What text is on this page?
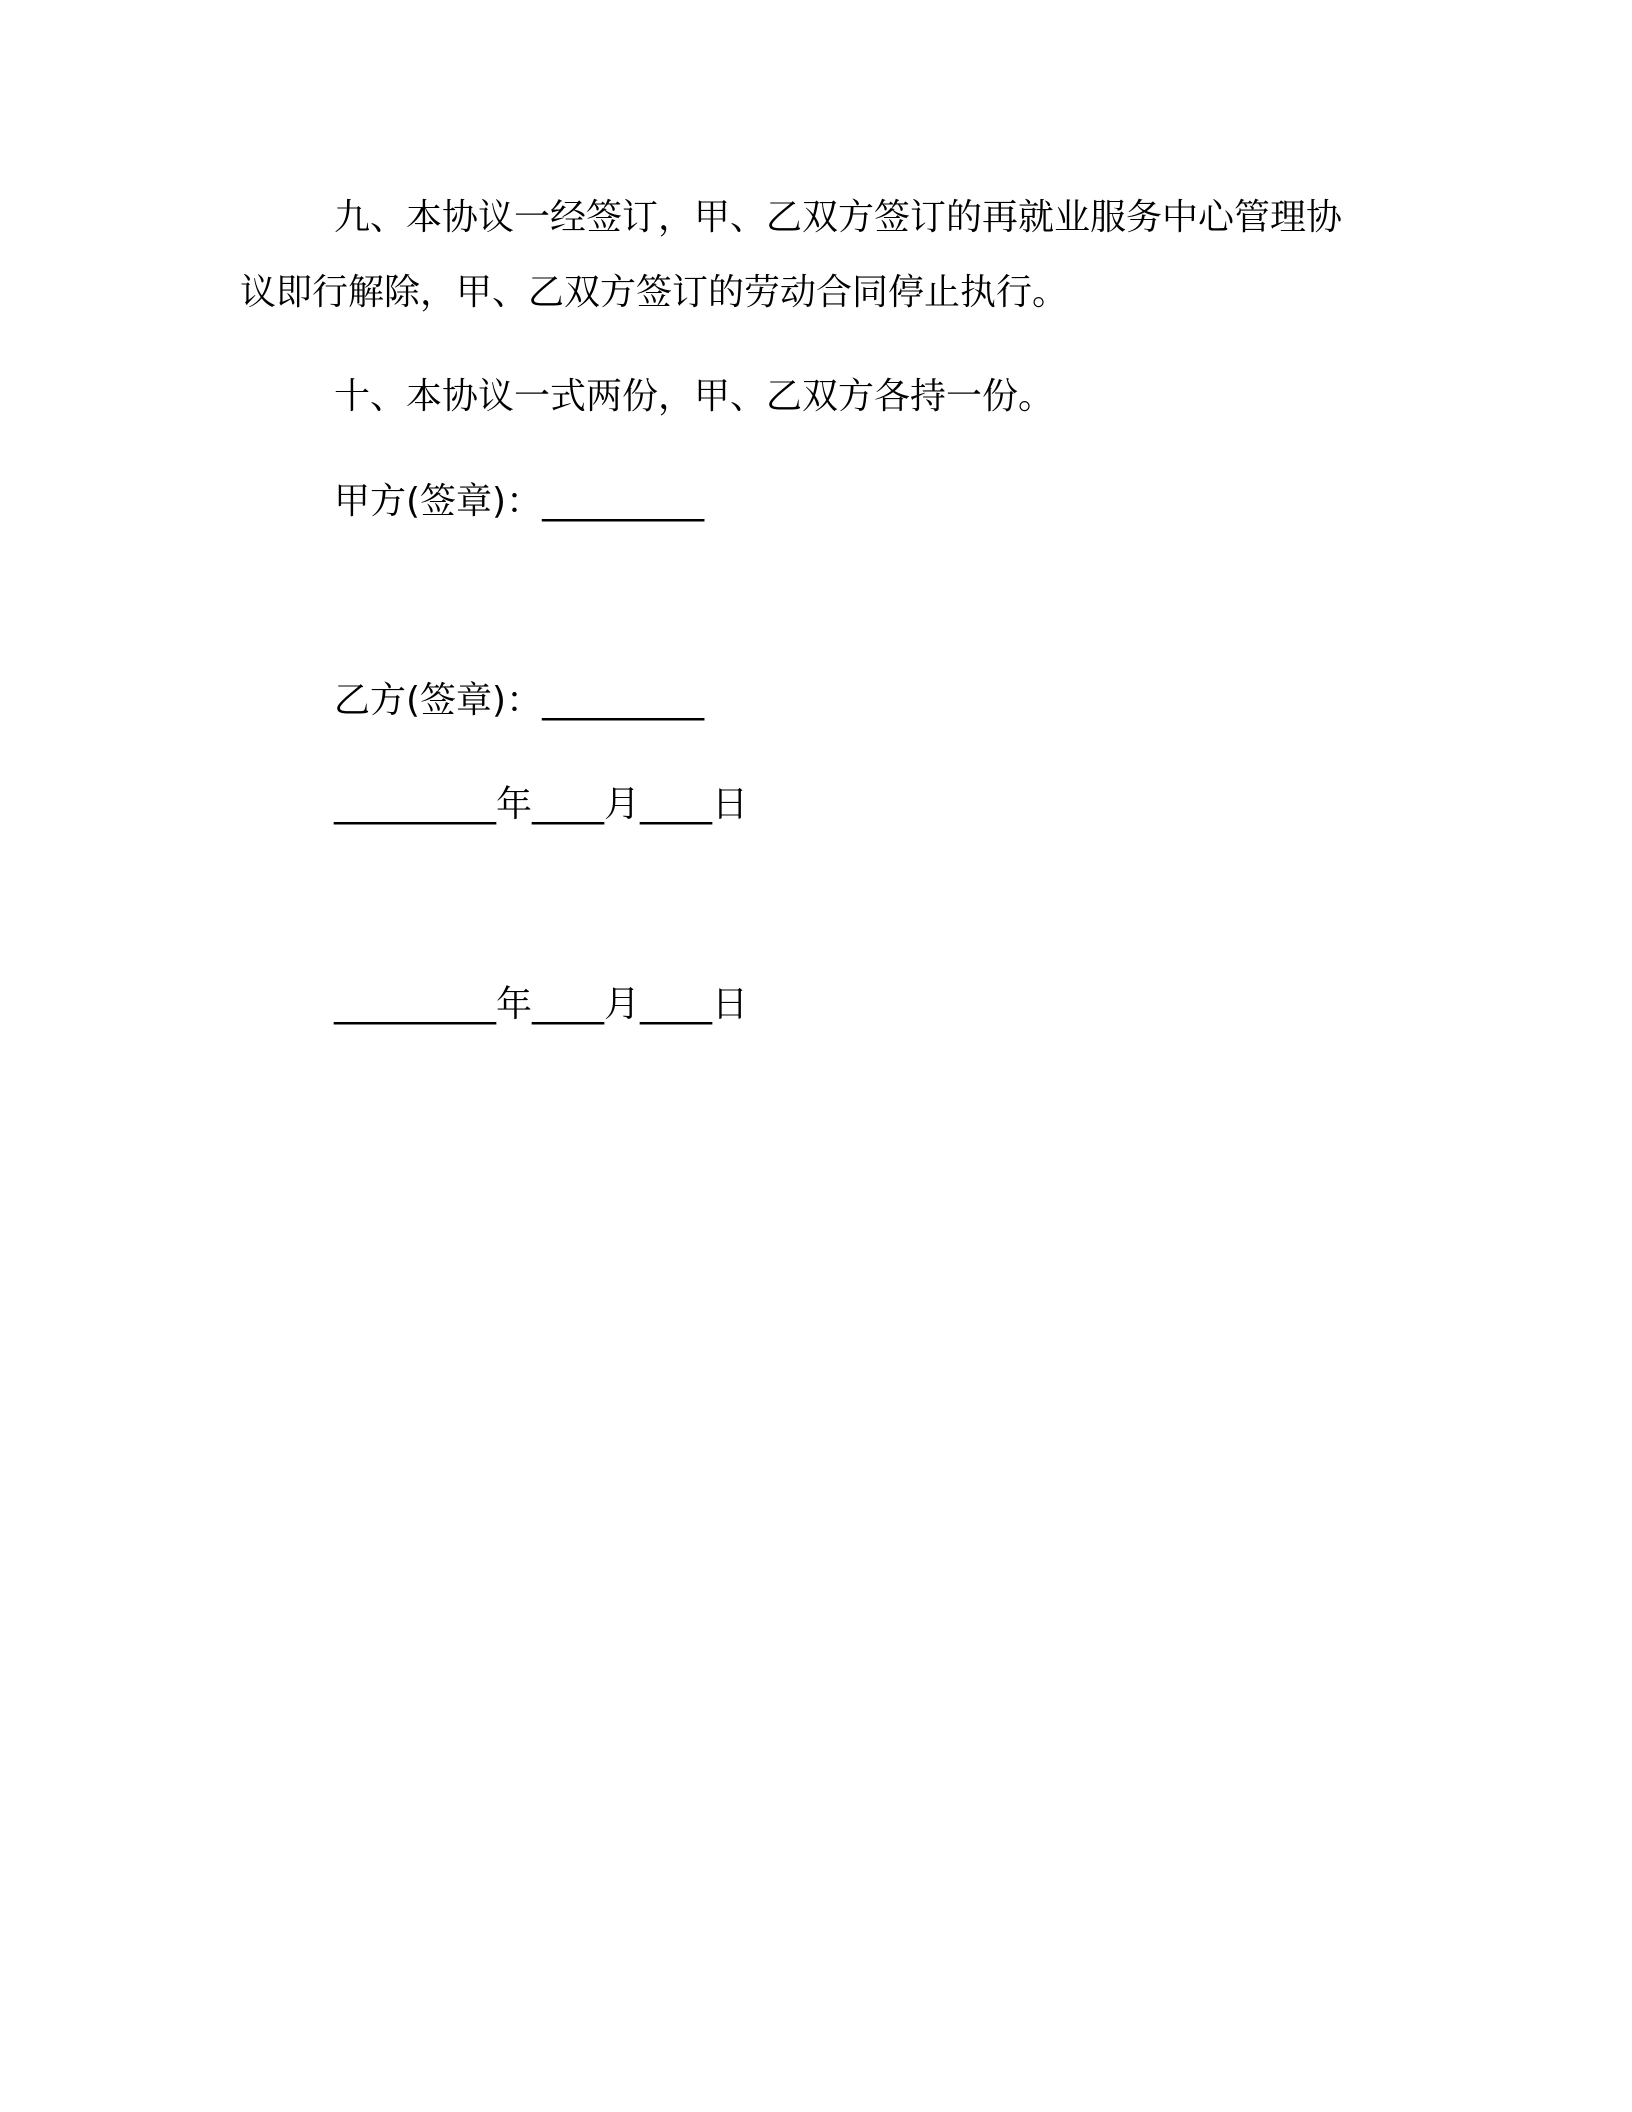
九、本协议一经签订，甲、乙双方签订的再就业服务中心管理协
议即行解除，甲、乙双方签订的劳动合同停止执行。
十、本协议一式两份，甲、乙双方各持一份。
甲方(签章)：_________
乙方(签章)：_________
_________年____月____日
_________年____月____日
